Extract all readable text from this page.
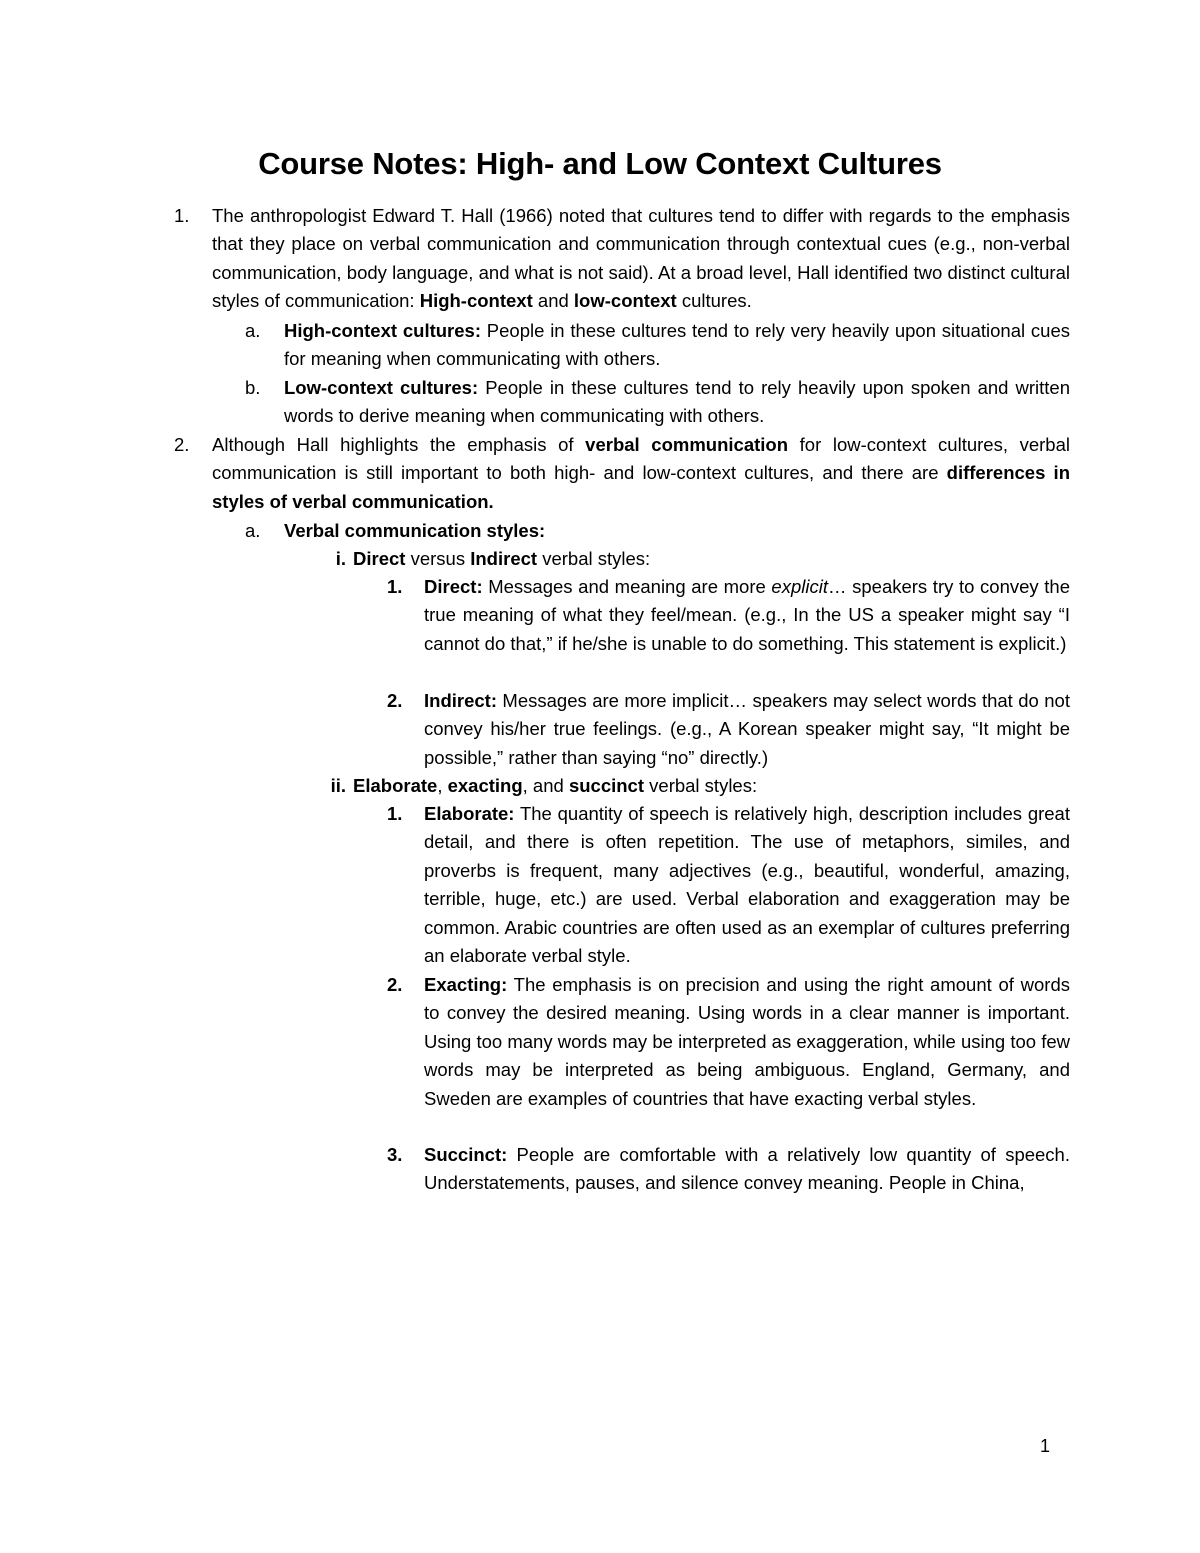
Course Notes: High- and Low Context Cultures
1. The anthropologist Edward T. Hall (1966) noted that cultures tend to differ with regards to the emphasis that they place on verbal communication and communication through contextual cues (e.g., non-verbal communication, body language, and what is not said). At a broad level, Hall identified two distinct cultural styles of communication: High-context and low-context cultures.
a. High-context cultures: People in these cultures tend to rely very heavily upon situational cues for meaning when communicating with others.
b. Low-context cultures: People in these cultures tend to rely heavily upon spoken and written words to derive meaning when communicating with others.
2. Although Hall highlights the emphasis of verbal communication for low-context cultures, verbal communication is still important to both high- and low-context cultures, and there are differences in styles of verbal communication.
a. Verbal communication styles:
i. Direct versus Indirect verbal styles:
1. Direct: Messages and meaning are more explicit… speakers try to convey the true meaning of what they feel/mean. (e.g., In the US a speaker might say “I cannot do that,” if he/she is unable to do something. This statement is explicit.)
2. Indirect: Messages are more implicit… speakers may select words that do not convey his/her true feelings. (e.g., A Korean speaker might say, “It might be possible,” rather than saying “no” directly.)
ii. Elaborate, exacting, and succinct verbal styles:
1. Elaborate: The quantity of speech is relatively high, description includes great detail, and there is often repetition. The use of metaphors, similes, and proverbs is frequent, many adjectives (e.g., beautiful, wonderful, amazing, terrible, huge, etc.) are used. Verbal elaboration and exaggeration may be common. Arabic countries are often used as an exemplar of cultures preferring an elaborate verbal style.
2. Exacting: The emphasis is on precision and using the right amount of words to convey the desired meaning. Using words in a clear manner is important. Using too many words may be interpreted as exaggeration, while using too few words may be interpreted as being ambiguous. England, Germany, and Sweden are examples of countries that have exacting verbal styles.
3. Succinct: People are comfortable with a relatively low quantity of speech. Understatements, pauses, and silence convey meaning. People in China,
1
